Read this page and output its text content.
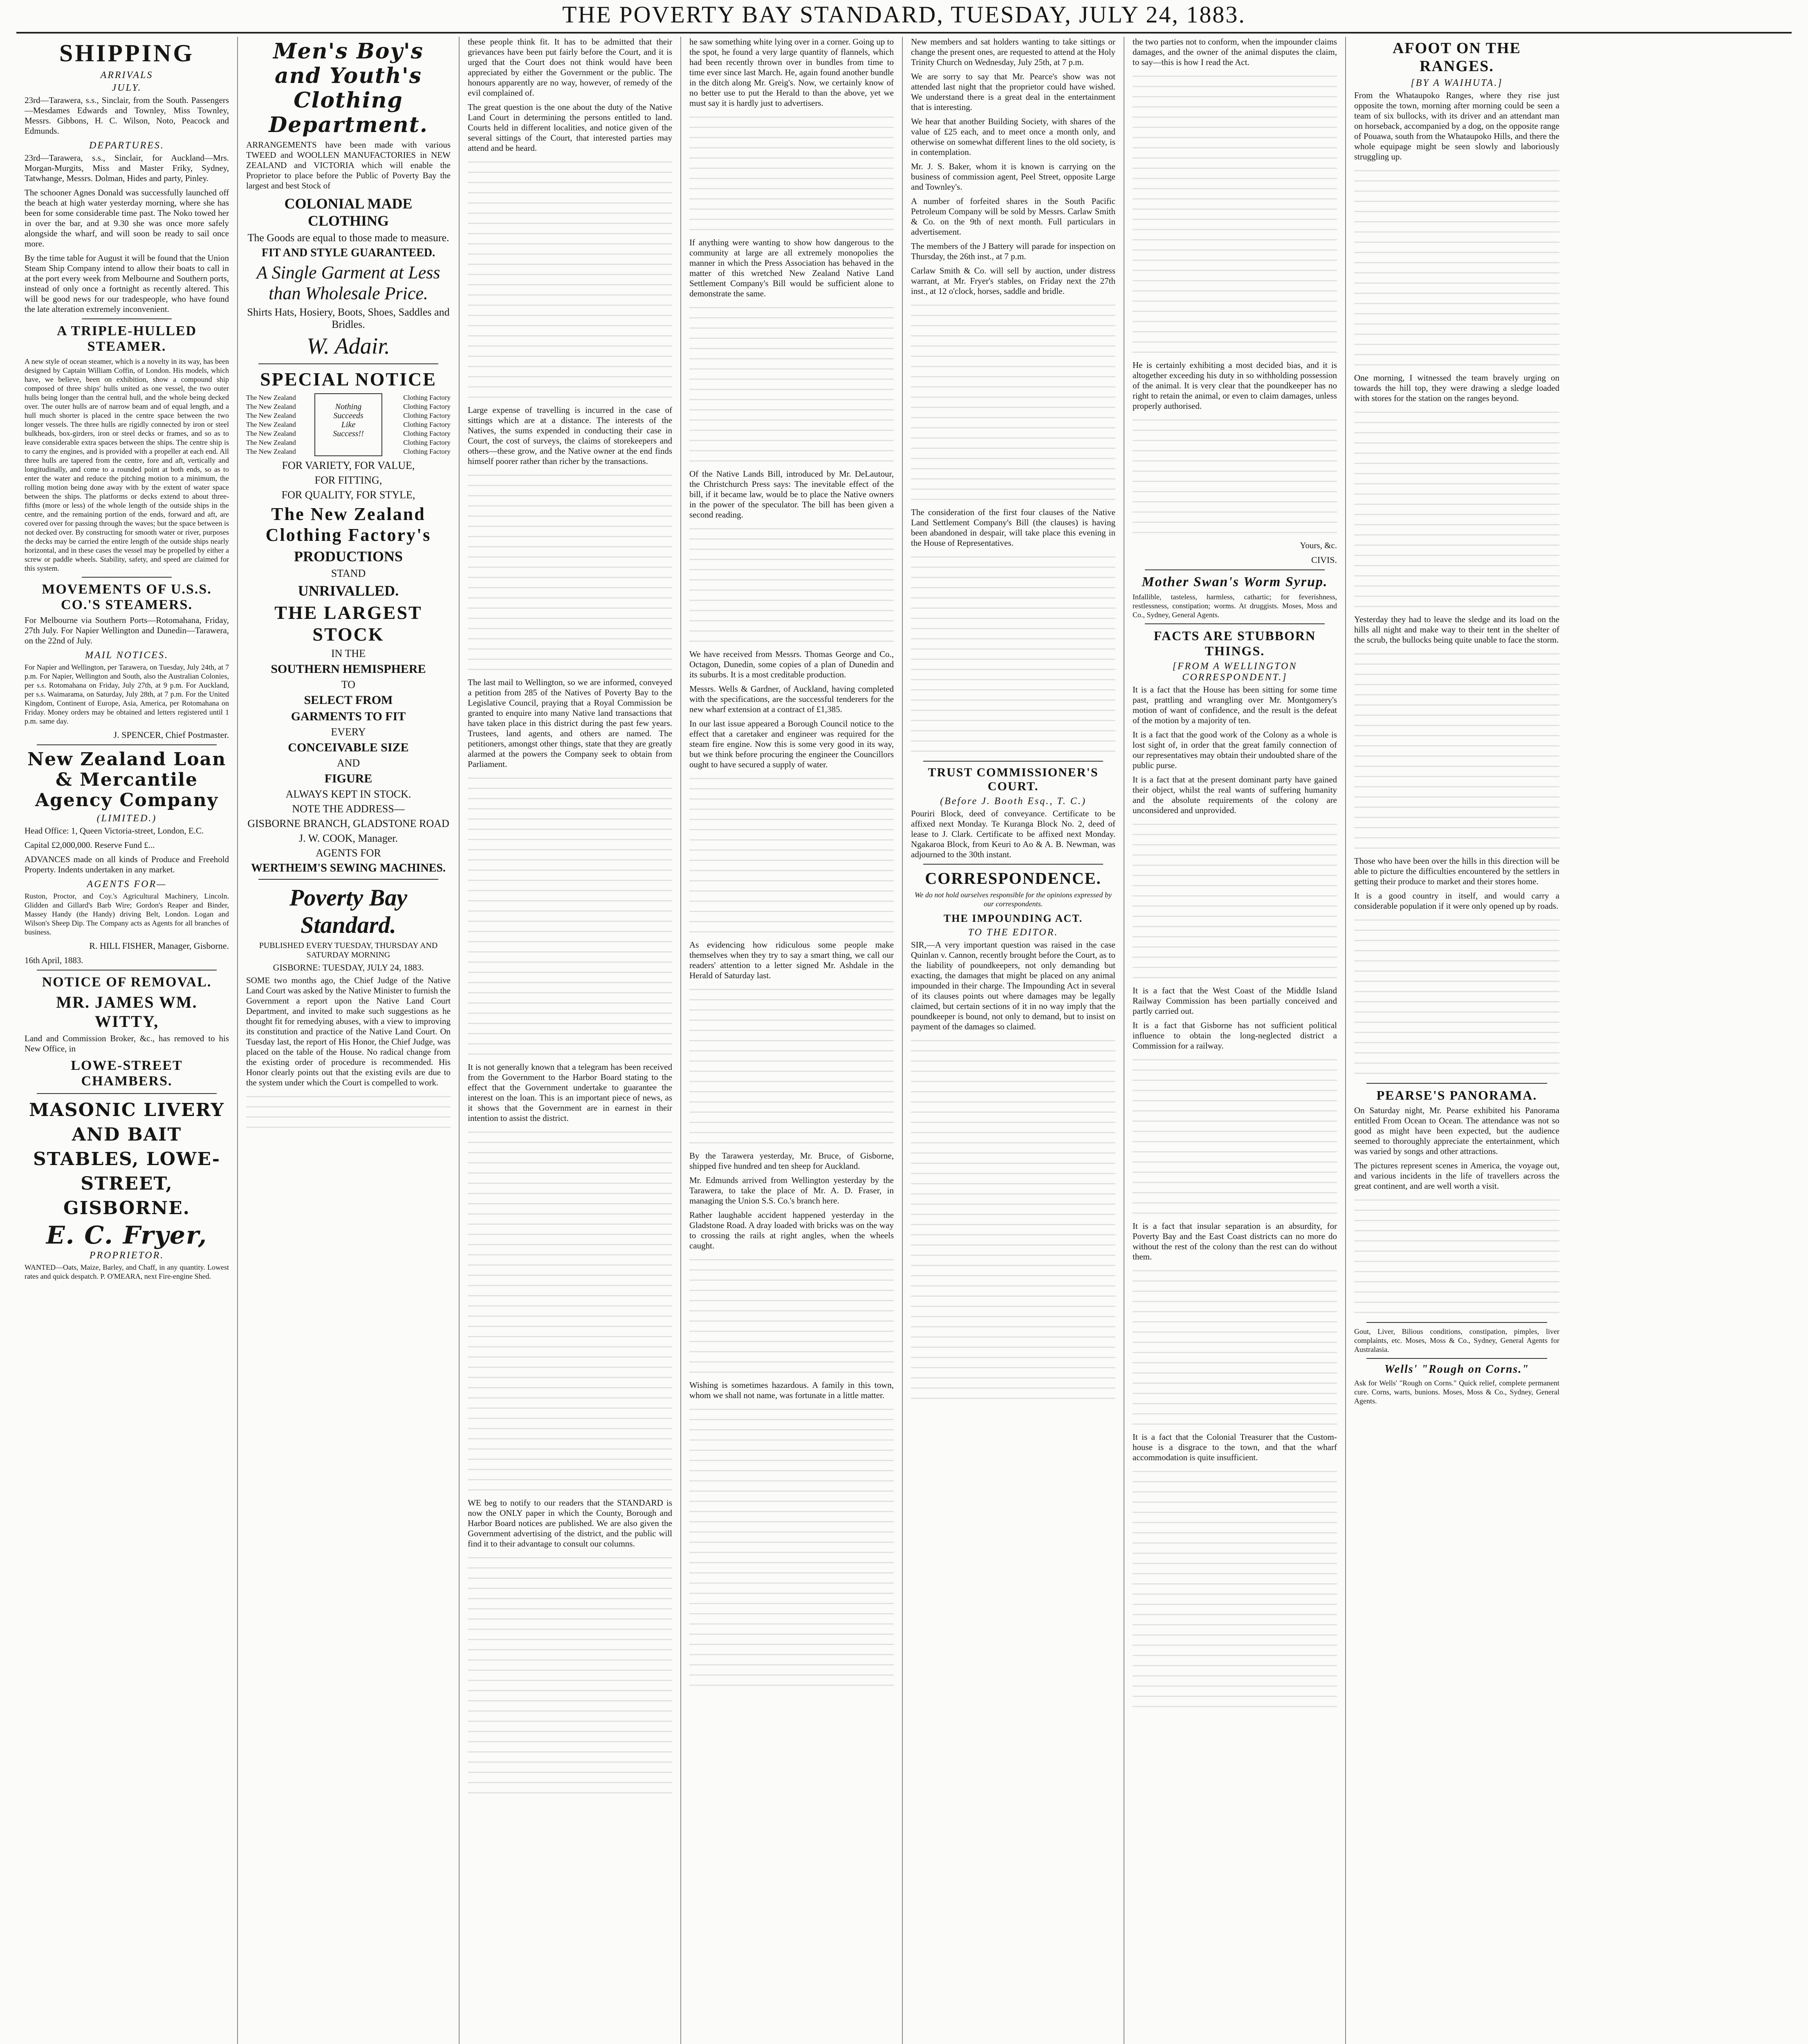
THE POVERTY BAY STANDARD, TUESDAY, JULY 24, 1883.
SHIPPING
ARRIVALS
JULY.

23rd—Tarawera, s.s., Sinclair, from the South. Passengers—Mesdames Edwards and Townley, Miss Townley, Messrs. Gibbons, H. C. Wilson, Noto, Peacock and Edmunds.

DEPARTURES.

23rd—Tarawera, s.s., Sinclair, for Auckland—Mrs. Morgan-Murgits, Miss and Master Friky, Sydney, Tatwhange, Messrs. Dolman, Hides and party, Pinley.

The schooner Agnes Donald was successfully launched off the beach at high water yesterday morning, where she has been for some considerable time past. The Noko towed her in over the bar, and at 9.30 she was once more safely alongside the wharf, and will soon be ready to sail once more.

By the time table for August it will be found that the Union Steam Ship Company intend to allow their boats to call in at the port every week from Melbourne and Southern ports, instead of only once a fortnight as recently altered. This will be good news for our tradespeople, who have found the late alteration extremely inconvenient.

A TRIPLE-HULLED STEAMER.

A new style of ocean steamer, which is a novelty in its way, has been designed by Captain William Coffin, of London. His models, which have, we believe, been on exhibition, show a compound ship composed of three ships' hulls united as one vessel, the two outer hulls being longer than the central hull, and the whole being decked over. The outer hulls are of narrow beam and of equal length, and a hull much shorter is placed in the centre space between the two longer vessels. The three hulls are rigidly connected by iron or steel bulkheads, box-girders, iron or steel decks or frames, and so as to leave considerable extra spaces between the ships. The centre ship is to carry the engines, and is provided with a propeller at each end. All three hulls are tapered from the centre, fore and aft, vertically and longitudinally, and come to a rounded point at both ends, so as to enter the water and reduce the pitching motion to a minimum, the rolling motion being done away with by the extent of water space between the ships. The platforms or decks extend to about three-fifths (more or less) of the whole length of the outside ships in the centre, and the remaining portion of the ends, forward and aft, are covered over for passing through the waves; but the space between is not decked over. By constructing for smooth water or river, purposes the decks may be carried the entire length of the outside ships nearly horizontal, and in these cases the vessel may be propelled by either a screw or paddle wheels. Stability, safety, and speed are claimed for this system.

MOVEMENTS OF U.S.S. CO.'S STEAMERS.

For Melbourne via Southern Ports—Rotomahana, Friday, 27th July. For Napier Wellington and Dunedin—Tarawera, on the 22nd of July.

MAIL NOTICES.

For Napier and Wellington, per Tarawera, on Tuesday, July 24th, at 7 p.m. For Napier, Wellington and South, also the Australian Colonies, per s.s. Rotomahana on Friday, July 27th, at 9 p.m. For Auckland, per s.s. Waimarama, on Saturday, July 28th, at 7 p.m. For the United Kingdom, Continent of Europe, Asia, America, per Rotomahana on Friday. Money orders may be obtained and letters registered until 1 p.m. same day.

J. SPENCER, Chief Postmaster.
New Zealand Loan & Mercantile Agency Company
(LIMITED.)

Head Office: 1, Queen Victoria-street, London, E.C.

Capital £2,000,000. Reserve Fund £...

ADVANCES made on all kinds of Produce and Freehold Property. Indents undertaken in any market.

AGENTS FOR—

Ruston, Proctor, and Coy.'s Agricultural Machinery, Lincoln. Glidden and Gillard's Barb Wire; Gordon's Reaper and Binder, Massey Handy (the Handy) driving Belt, London. Logan and Wilson's Sheep Dip. The Company acts as Agents for all branches of business.

R. HILL FISHER, Manager, Gisborne.
16th April, 1883.
NOTICE OF REMOVAL.
MR. JAMES WM. WITTY,

Land and Commission Broker, &c., has removed to his New Office, in

LOWE-STREET CHAMBERS.
MASONIC LIVERY AND BAIT STABLES, LOWE-STREET, GISBORNE.
E. C. Fryer,
PROPRIETOR.

WANTED—Oats, Maize, Barley, and Chaff, in any quantity. Lowest rates and quick despatch. P. O'MEARA, next Fire-engine Shed.

Men's Boy's and Youth's Clothing Department.

ARRANGEMENTS have been made with various TWEED and WOOLLEN MANUFACTORIES in NEW ZEALAND and VICTORIA which will enable the Proprietor to place before the Public of Poverty Bay the largest and best Stock of

COLONIAL MADE CLOTHING
The Goods are equal to those made to measure.
FIT AND STYLE GUARANTEED.
A Single Garment at Less than Wholesale Price.
Shirts Hats, Hosiery, Boots, Shoes, Saddles and Bridles.
W. Adair.
SPECIAL NOTICE
The New Zealand
The New Zealand
The New Zealand
The New Zealand
The New Zealand
The New Zealand
The New Zealand
Nothing
Succeeds
Like
Success!!
Clothing Factory
Clothing Factory
Clothing Factory
Clothing Factory
Clothing Factory
Clothing Factory
Clothing Factory
FOR VARIETY, FOR VALUE,
FOR FITTING,
FOR QUALITY, FOR STYLE,
The New Zealand Clothing Factory's
PRODUCTIONS
STAND
UNRIVALLED.
THE LARGEST STOCK
IN THE
SOUTHERN HEMISPHERE
TO
SELECT FROM
GARMENTS TO FIT
EVERY
CONCEIVABLE SIZE
AND
FIGURE
ALWAYS KEPT IN STOCK.
NOTE THE ADDRESS—
GISBORNE BRANCH, GLADSTONE ROAD
J. W. COOK, Manager.
AGENTS FOR
WERTHEIM'S SEWING MACHINES.
Poverty Bay Standard.
PUBLISHED EVERY TUESDAY, THURSDAY AND SATURDAY MORNING
GISBORNE: TUESDAY, JULY 24, 1883.

SOME two months ago, the Chief Judge of the Native Land Court was asked by the Native Minister to furnish the Government a report upon the Native Land Court Department, and invited to make such suggestions as he thought fit for remedying abuses, with a view to improving its constitution and practice of the Native Land Court. On Tuesday last, the report of His Honor, the Chief Judge, was placed on the table of the House. No radical change from the existing order of procedure is recommended. His Honor clearly points out that the existing evils are due to the system under which the Court is compelled to work.

these people think fit. It has to be admitted that their grievances have been put fairly before the Court, and it is urged that the Court does not think would have been appreciated by either the Government or the public. The honours apparently are no way, however, of remedy of the evil complained of.

The great question is the one about the duty of the Native Land Court in determining the persons entitled to land. Courts held in different localities, and notice given of the several sittings of the Court, that interested parties may attend and be heard.

Large expense of travelling is incurred in the case of sittings which are at a distance. The interests of the Natives, the sums expended in conducting their case in Court, the cost of surveys, the claims of storekeepers and others—these grow, and the Native owner at the end finds himself poorer rather than richer by the transactions.

The last mail to Wellington, so we are informed, conveyed a petition from 285 of the Natives of Poverty Bay to the Legislative Council, praying that a Royal Commission be granted to enquire into many Native land transactions that have taken place in this district during the past few years. Trustees, land agents, and others are named. The petitioners, amongst other things, state that they are greatly alarmed at the powers the Company seek to obtain from Parliament.

It is not generally known that a telegram has been received from the Government to the Harbor Board stating to the effect that the Government undertake to guarantee the interest on the loan. This is an important piece of news, as it shows that the Government are in earnest in their intention to assist the district.

WE beg to notify to our readers that the STANDARD is now the ONLY paper in which the County, Borough and Harbor Board notices are published. We are also given the Government advertising of the district, and the public will find it to their advantage to consult our columns.

he saw something white lying over in a corner. Going up to the spot, he found a very large quantity of flannels, which had been recently thrown over in bundles from time to time ever since last March. He, again found another bundle in the ditch along Mr. Greig's. Now, we certainly know of no better use to put the Herald to than the above, yet we must say it is hardly just to advertisers.

If anything were wanting to show how dangerous to the community at large are all extremely monopolies the manner in which the Press Association has behaved in the matter of this wretched New Zealand Native Land Settlement Company's Bill would be sufficient alone to demonstrate the same.

Of the Native Lands Bill, introduced by Mr. DeLautour, the Christchurch Press says: The inevitable effect of the bill, if it became law, would be to place the Native owners in the power of the speculator. The bill has been given a second reading.

We have received from Messrs. Thomas George and Co., Octagon, Dunedin, some copies of a plan of Dunedin and its suburbs. It is a most creditable production.

Messrs. Wells & Gardner, of Auckland, having completed with the specifications, are the successful tenderers for the new wharf extension at a contract of £1,385.

In our last issue appeared a Borough Council notice to the effect that a caretaker and engineer was required for the steam fire engine. Now this is some very good in its way, but we think before procuring the engineer the Councillors ought to have secured a supply of water.

As evidencing how ridiculous some people make themselves when they try to say a smart thing, we call our readers' attention to a letter signed Mr. Ashdale in the Herald of Saturday last.

By the Tarawera yesterday, Mr. Bruce, of Gisborne, shipped five hundred and ten sheep for Auckland.

Mr. Edmunds arrived from Wellington yesterday by the Tarawera, to take the place of Mr. A. D. Fraser, in managing the Union S.S. Co.'s branch here.

Rather laughable accident happened yesterday in the Gladstone Road. A dray loaded with bricks was on the way to crossing the rails at right angles, when the wheels caught.

Wishing is sometimes hazardous. A family in this town, whom we shall not name, was fortunate in a little matter.

New members and sat holders wanting to take sittings or change the present ones, are requested to attend at the Holy Trinity Church on Wednesday, July 25th, at 7 p.m.

We are sorry to say that Mr. Pearce's show was not attended last night that the proprietor could have wished. We understand there is a great deal in the entertainment that is interesting.

We hear that another Building Society, with shares of the value of £25 each, and to meet once a month only, and otherwise on somewhat different lines to the old society, is in contemplation.

Mr. J. S. Baker, whom it is known is carrying on the business of commission agent, Peel Street, opposite Large and Townley's.

A number of forfeited shares in the South Pacific Petroleum Company will be sold by Messrs. Carlaw Smith & Co. on the 9th of next month. Full particulars in advertisement.

The members of the J Battery will parade for inspection on Thursday, the 26th inst., at 7 p.m.

Carlaw Smith & Co. will sell by auction, under distress warrant, at Mr. Fryer's stables, on Friday next the 27th inst., at 12 o'clock, horses, saddle and bridle.

The consideration of the first four clauses of the Native Land Settlement Company's Bill (the clauses) is having been abandoned in despair, will take place this evening in the House of Representatives.

TRUST COMMISSIONER'S COURT.
(Before J. Booth Esq., T. C.)

Pouriri Block, deed of conveyance. Certificate to be affixed next Monday. Te Kuranga Block No. 2, deed of lease to J. Clark. Certificate to be affixed next Monday. Ngakaroa Block, from Keuri to Ao & A. B. Newman, was adjourned to the 30th instant.

CORRESPONDENCE.

We do not hold ourselves responsible for the opinions expressed by our correspondents.

THE IMPOUNDING ACT.
TO THE EDITOR.

SIR,—A very important question was raised in the case Quinlan v. Cannon, recently brought before the Court, as to the liability of poundkeepers, not only demanding but exacting, the damages that might be placed on any animal impounded in their charge. The Impounding Act in several of its clauses points out where damages may be legally claimed, but certain sections of it in no way imply that the poundkeeper is bound, not only to demand, but to insist on payment of the damages so claimed.

the two parties not to conform, when the impounder claims damages, and the owner of the animal disputes the claim, to say—this is how I read the Act.

He is certainly exhibiting a most decided bias, and it is altogether exceeding his duty in so withholding possession of the animal. It is very clear that the poundkeeper has no right to retain the animal, or even to claim damages, unless properly authorised.

Yours, &c.
CIVIS.
Mother Swan's Worm Syrup.

Infallible, tasteless, harmless, cathartic; for feverishness, restlessness, constipation; worms. At druggists. Moses, Moss and Co., Sydney, General Agents.

FACTS ARE STUBBORN THINGS.
[FROM A WELLINGTON CORRESPONDENT.]

It is a fact that the House has been sitting for some time past, prattling and wrangling over Mr. Montgomery's motion of want of confidence, and the result is the defeat of the motion by a majority of ten.

It is a fact that the good work of the Colony as a whole is lost sight of, in order that the great family connection of our representatives may obtain their undoubted share of the public purse.

It is a fact that at the present dominant party have gained their object, whilst the real wants of suffering humanity and the absolute requirements of the colony are unconsidered and unprovided.

It is a fact that the West Coast of the Middle Island Railway Commission has been partially conceived and partly carried out.

It is a fact that Gisborne has not sufficient political influence to obtain the long-neglected district a Commission for a railway.

It is a fact that insular separation is an absurdity, for Poverty Bay and the East Coast districts can no more do without the rest of the colony than the rest can do without them.

It is a fact that the Colonial Treasurer that the Custom-house is a disgrace to the town, and that the wharf accommodation is quite insufficient.

AFOOT ON THE RANGES.
[BY A WAIHUTA.]

From the Whataupoko Ranges, where they rise just opposite the town, morning after morning could be seen a team of six bullocks, with its driver and an attendant man on horseback, accompanied by a dog, on the opposite range of Pouawa, south from the Whataupoko Hills, and there the whole equipage might be seen slowly and laboriously struggling up.

One morning, I witnessed the team bravely urging on towards the hill top, they were drawing a sledge loaded with stores for the station on the ranges beyond.

Yesterday they had to leave the sledge and its load on the hills all night and make way to their tent in the shelter of the scrub, the bullocks being quite unable to face the storm.

Those who have been over the hills in this direction will be able to picture the difficulties encountered by the settlers in getting their produce to market and their stores home.

It is a good country in itself, and would carry a considerable population if it were only opened up by roads.

PEARSE'S PANORAMA.

On Saturday night, Mr. Pearse exhibited his Panorama entitled From Ocean to Ocean. The attendance was not so good as might have been expected, but the audience seemed to thoroughly appreciate the entertainment, which was varied by songs and other attractions.

The pictures represent scenes in America, the voyage out, and various incidents in the life of travellers across the great continent, and are well worth a visit.

Gout, Liver, Bilious conditions, constipation, pimples, liver complaints, etc. Moses, Moss & Co., Sydney, General Agents for Australasia.

Wells' "Rough on Corns."

Ask for Wells' "Rough on Corns." Quick relief, complete permanent cure. Corns, warts, bunions. Moses, Moss & Co., Sydney, General Agents.
